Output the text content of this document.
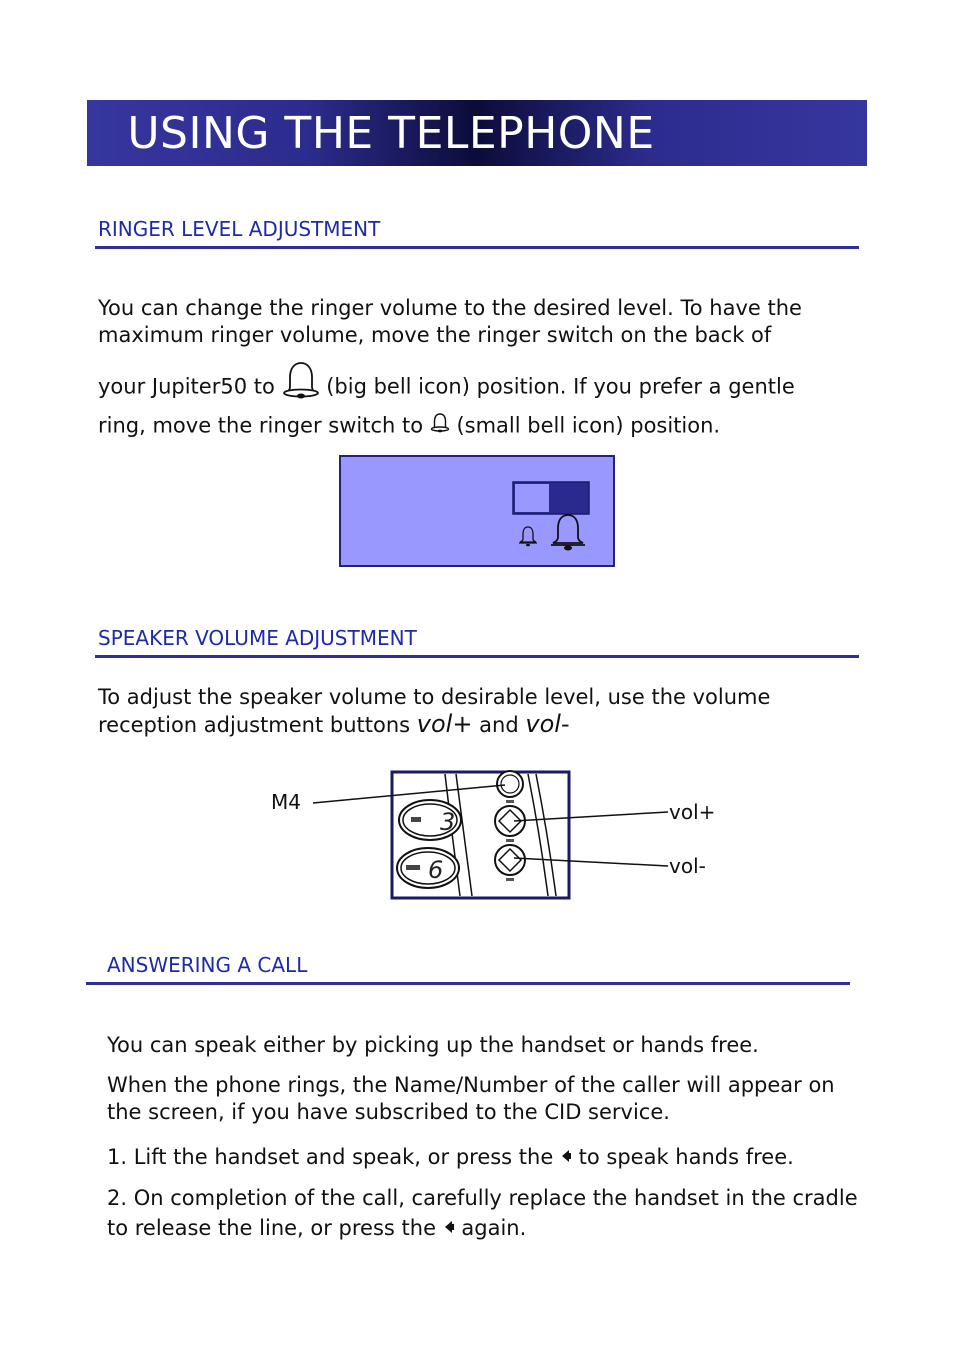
USING THE TELEPHONE
RINGER LEVEL ADJUSTMENT
You can change the ringer volume to the desired level. To have the
maximum ringer volume, move the ringer switch on the back of
your Jupiter50 to (big bell icon) position. If you prefer a gentle
ring, move the ringer switch to (small bell icon) position.
SPEAKER VOLUME ADJUSTMENT
To adjust the speaker volume to desirable level, use the volume
reception adjustment buttons vol+ and vol-
M4	vol+
vol-
3
6
ANSWERING A CALL
You can speak either by picking up the handset or hands free.
When the phone rings, the Name/Number of the caller will appear on
the screen, if you have subscribed to the CID service.
1. Lift the handset and speak, or press the to speak hands free.
2. On completion of the call, carefully replace the handset in the cradle
to release the line, or press the again.
